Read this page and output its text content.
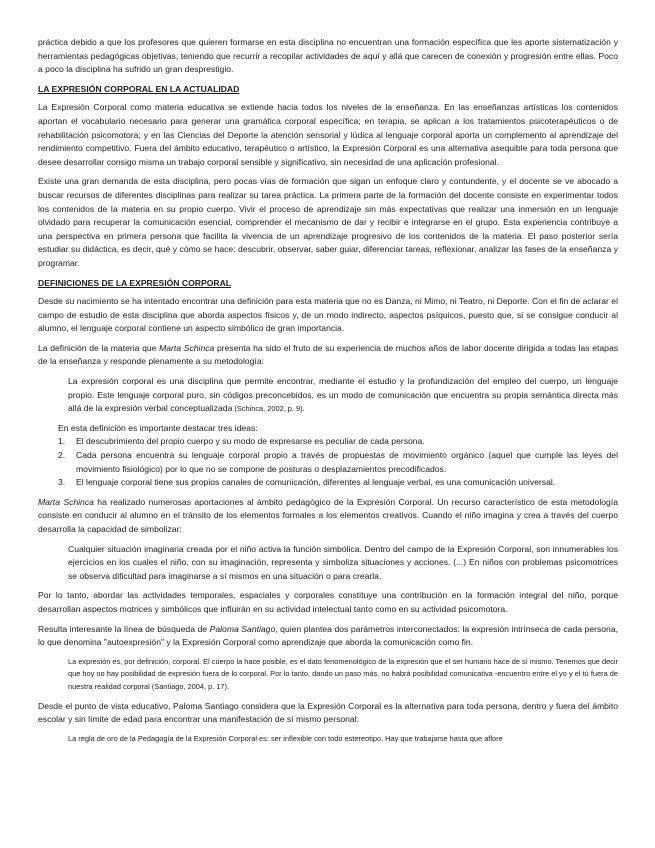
práctica debido a que los profesores que quieren formarse en esta disciplina no encuentran una formación específica que les aporte sistematización y herramientas pedagógicas objetivas, teniendo que recurrir a recopilar actividades de aquí y allá que carecen de conexión y progresión entre ellas. Poco a poco la disciplina ha sufrido un gran desprestigio.

LA EXPRESIÓN CORPORAL EN LA ACTUALIDAD

La Expresión Corporal como materia educativa se extiende hacia todos los niveles de la enseñanza. En las enseñanzas artísticas los contenidos aportan el vocabulario necesario para generar una gramática corporal específica; en terapia, se aplican a los tratamientos psicoterapéuticos o de rehabilitación psicomotora; y en las Ciencias del Deporte la atención sensorial y lúdica al lenguaje corporal aporta un complemento al aprendizaje del rendimiento competitivo. Fuera del ámbito educativo, terapéutico o artístico, la Expresión Corporal es una alternativa asequible para toda persona que desee desarrollar consigo misma un trabajo corporal sensible y significativo, sin necesidad de una aplicación profesional.

Existe una gran demanda de esta disciplina, pero pocas vías de formación que sigan un enfoque claro y contundente, y el docente se ve abocado a buscar recursos de diferentes disciplinas para realizar su tarea práctica. La primera parte de la formación del docente consiste en experimentar todos los contenidos de la materia en su propio cuerpo. Vivir el proceso de aprendizaje sin más expectativas que realizar una inmersión en un lenguaje olvidado para recuperar la comunicación esencial, comprender el mecanismo de dar y recibir e integrarse en el grupo. Esta experiencia contribuye a una perspectiva en primera persona que facilita la vivencia de un aprendizaje progresivo de los contenidos de la materia. El paso posterior sería estudiar su didáctica, es decir, qué y cómo se hace: descubrir, observar, saber guiar, diferenciar tareas, reflexionar, analizar las fases de la enseñanza y programar.

DEFINICIONES DE LA EXPRESIÓN CORPORAL

Desde su nacimiento se ha intentado encontrar una definición para esta materia que no es Danza, ni Mimo, ni Teatro, ni Deporte. Con el fin de aclarar el campo de estudio de esta disciplina que aborda aspectos físicos y, de un modo indirecto, aspectos psíquicos, puesto que, si se consigue conducir al alumno, el lenguaje corporal contiene un aspecto simbólico de gran importancia.

La definición de la materia que Marta Schinca presenta ha sido el fruto de su experiencia de muchos años de labor docente dirigida a todas las etapas de la enseñanza y responde plenamente a su metodología:

La expresión corporal es una disciplina que permite encontrar, mediante el estudio y la profundización del empleo del cuerpo, un lenguaje propio. Este lenguaje corporal puro, sin códigos preconcebidos, es un modo de comunicación que encuentra su propia semántica directa más allá de la expresión verbal conceptualizada (Schinca, 2002, p. 9).

En esta definición es importante destacar tres ideas:

1. El descubrimiento del propio cuerpo y su modo de expresarse es peculiar de cada persona.
2. Cada persona encuentra su lenguaje corporal propio a través de propuestas de movimiento orgánico (aquel que cumple las leyes del movimiento fisiológico) por lo que no se compone de posturas o desplazamientos precodificados.
3. El lenguaje corporal tiene sus propios canales de comunicación, diferentes al lenguaje verbal, es una comunicación universal.

Marta Schinca ha realizado numerosas aportaciones al ámbito pedagógico de la Expresión Corporal. Un recurso característico de esta metodología consiste en conducir al alumno en el tránsito de los elementos formales a los elementos creativos. Cuando el niño imagina y crea a través del cuerpo desarrolla la capacidad de simbolizar:

Cualquier situación imaginaria creada por el niño activa la función simbólica. Dentro del campo de la Expresión Corporal, son innumerables los ejercicios en los cuales el niño, con su imaginación, representa y simboliza situaciones y acciones. (...) En niños con problemas psicomotrices se observa dificultad para imaginarse a sí mismos en una situación o para crearla.

Por lo tanto, abordar las actividades temporales, espaciales y corporales constituye una contribución en la formación integral del niño, porque desarrollan aspectos motrices y simbólicos que influirán en su actividad intelectual tanto como en su actividad psicomotora.

Resulta interesante la línea de búsqueda de Paloma Santiago, quien plantea dos parámetros interconectados: la expresión intrínseca de cada persona, lo que denomina "autoexpresión" y la Expresión Corporal como aprendizaje que aborda la comunicación como fin.

La expresión es, por definición, corporal. El cuerpo la hace posible, es el dato fenomenológico de la expresión que el ser humano hace de sí mismo. Tenemos que decir que hoy no hay posibilidad de expresión fuera de lo corporal. Por lo tanto, dando un paso más, no habrá posibilidad comunicativa -encuentro entre el yo y el tú fuera de nuestra realidad corporal (Santiago, 2004, p. 17).

Desde el punto de vista educativo, Paloma Santiago considera que la Expresión Corporal es la alternativa para toda persona, dentro y fuera del ámbito escolar y sin límite de edad para encontrar una manifestación de sí mismo personal:

La regla de oro de la Pedagogía de la Expresión Corporal es: ser inflexible con todo estereotipo. Hay que trabajarse hasta que aflore
